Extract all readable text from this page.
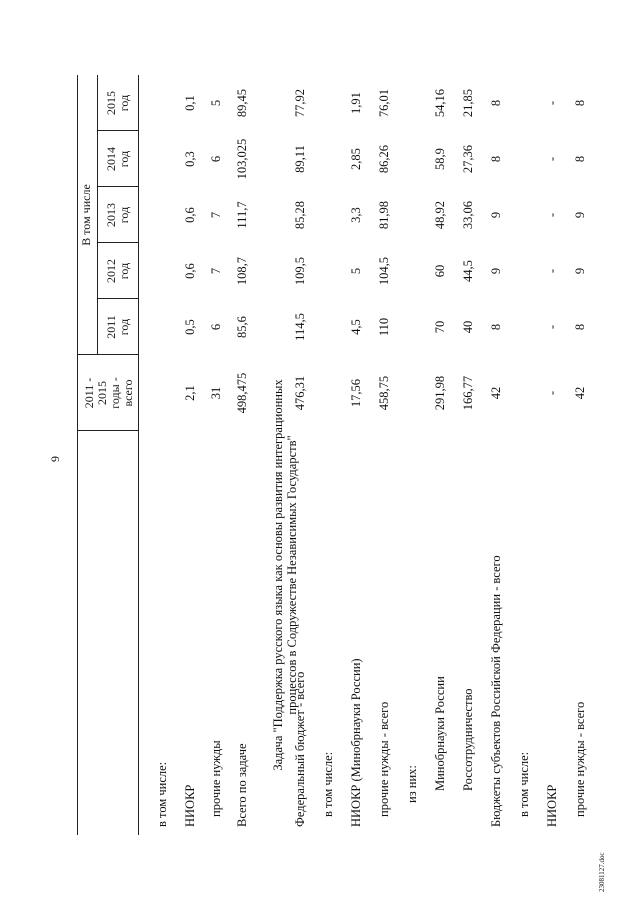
9
23081127.doc
2011 - 2015 годы - всего
В том числе
2011 год
2012 год
2013 год
2014 год
2015 год
Задача "Поддержка русского языка как основы развития интеграционных процессов в Содружестве Независимых Государств"
в том числе: НИОКР
2,1
0,5
0,6
0,6
0,3
0,1
прочие нужды
31
6
7
7
6
5
Всего по задаче
498,475
85,6
108,7
111,7
103,025
89,45
Федеральный бюджет - всего
476,31
114,5
109,5
85,28
89,11
77,92
в том числе: НИОКР (Минобрнауки России)
17,56
4,5
5
3,3
2,85
1,91
прочие нужды - всего
458,75
110
104,5
81,98
86,26
76,01
из них: Минобрнауки России
291,98
70
60
48,92
58,9
54,16
Россотрудничество
166,77
40
44,5
33,06
27,36
21,85
Бюджеты субъектов Российской Федерации - всего
42
8
9
9
8
8
в том числе: НИОКР
-
-
-
-
-
-
прочие нужды - всего
42
8
9
9
8
8
